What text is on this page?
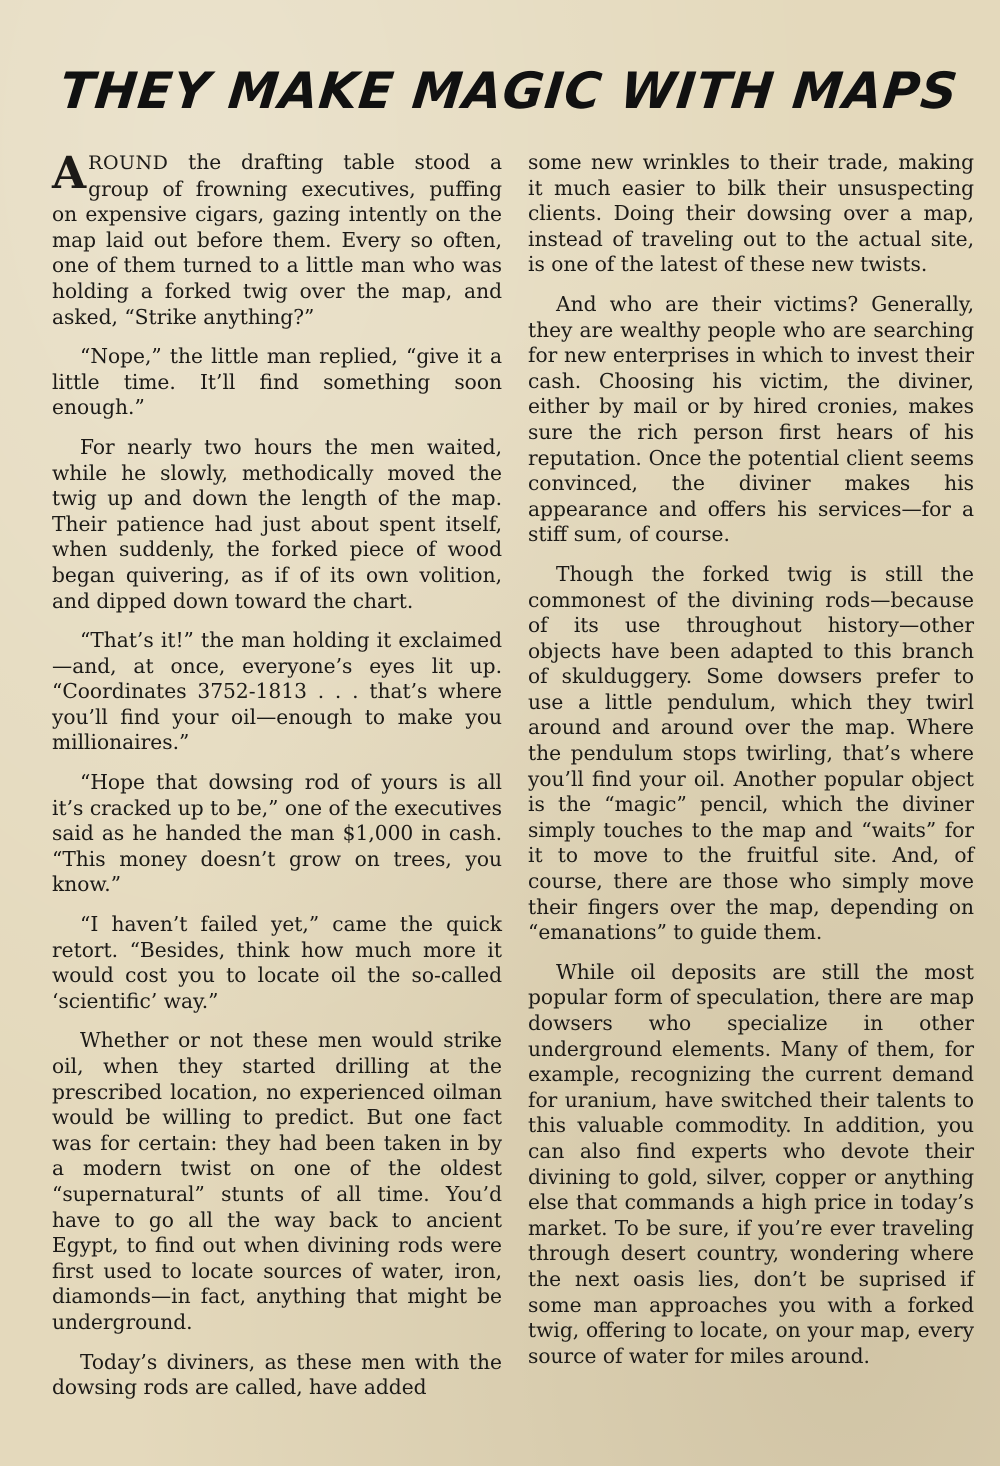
THEY MAKE MAGIC WITH MAPS

AROUND the drafting table stood a group of frowning executives, puffing on expensive cigars, gazing intently on the map laid out before them. Every so often, one of them turned to a little man who was holding a forked twig over the map, and asked, “Strike anything?”

“Nope,” the little man replied, “give it a little time. It’ll find something soon enough.”

For nearly two hours the men waited, while he slowly, methodically moved the twig up and down the length of the map. Their patience had just about spent itself, when suddenly, the forked piece of wood began quivering, as if of its own volition, and dipped down toward the chart.

“That’s it!” the man holding it exclaimed—and, at once, everyone’s eyes lit up. “Coordinates 3752-1813 . . . that’s where you’ll find your oil—enough to make you millionaires.”

“Hope that dowsing rod of yours is all it’s cracked up to be,” one of the executives said as he handed the man $1,000 in cash. “This money doesn’t grow on trees, you know.”

“I haven’t failed yet,” came the quick retort. “Besides, think how much more it would cost you to locate oil the so-called ‘scientific’ way.”

Whether or not these men would strike oil, when they started drilling at the prescribed location, no experienced oilman would be willing to predict. But one fact was for certain: they had been taken in by a modern twist on one of the oldest “supernatural” stunts of all time. You’d have to go all the way back to ancient Egypt, to find out when divining rods were first used to locate sources of water, iron, diamonds—in fact, anything that might be underground.

Today’s diviners, as these men with the dowsing rods are called, have added

some new wrinkles to their trade, making it much easier to bilk their unsuspecting clients. Doing their dowsing over a map, instead of traveling out to the actual site, is one of the latest of these new twists.

And who are their victims? Generally, they are wealthy people who are searching for new enterprises in which to invest their cash. Choosing his victim, the diviner, either by mail or by hired cronies, makes sure the rich person first hears of his reputation. Once the potential client seems convinced, the diviner makes his appearance and offers his services—for a stiff sum, of course.

Though the forked twig is still the commonest of the divining rods—because of its use throughout history—other objects have been adapted to this branch of skulduggery. Some dowsers prefer to use a little pendulum, which they twirl around and around over the map. Where the pendulum stops twirling, that’s where you’ll find your oil. Another popular object is the “magic” pencil, which the diviner simply touches to the map and “waits” for it to move to the fruitful site. And, of course, there are those who simply move their fingers over the map, depending on “emanations” to guide them.

While oil deposits are still the most popular form of speculation, there are map dowsers who specialize in other underground elements. Many of them, for example, recognizing the current demand for uranium, have switched their talents to this valuable commodity. In addition, you can also find experts who devote their divining to gold, silver, copper or anything else that commands a high price in today’s market. To be sure, if you’re ever traveling through desert country, wondering where the next oasis lies, don’t be suprised if some man approaches you with a forked twig, offering to locate, on your map, every source of water for miles around.
